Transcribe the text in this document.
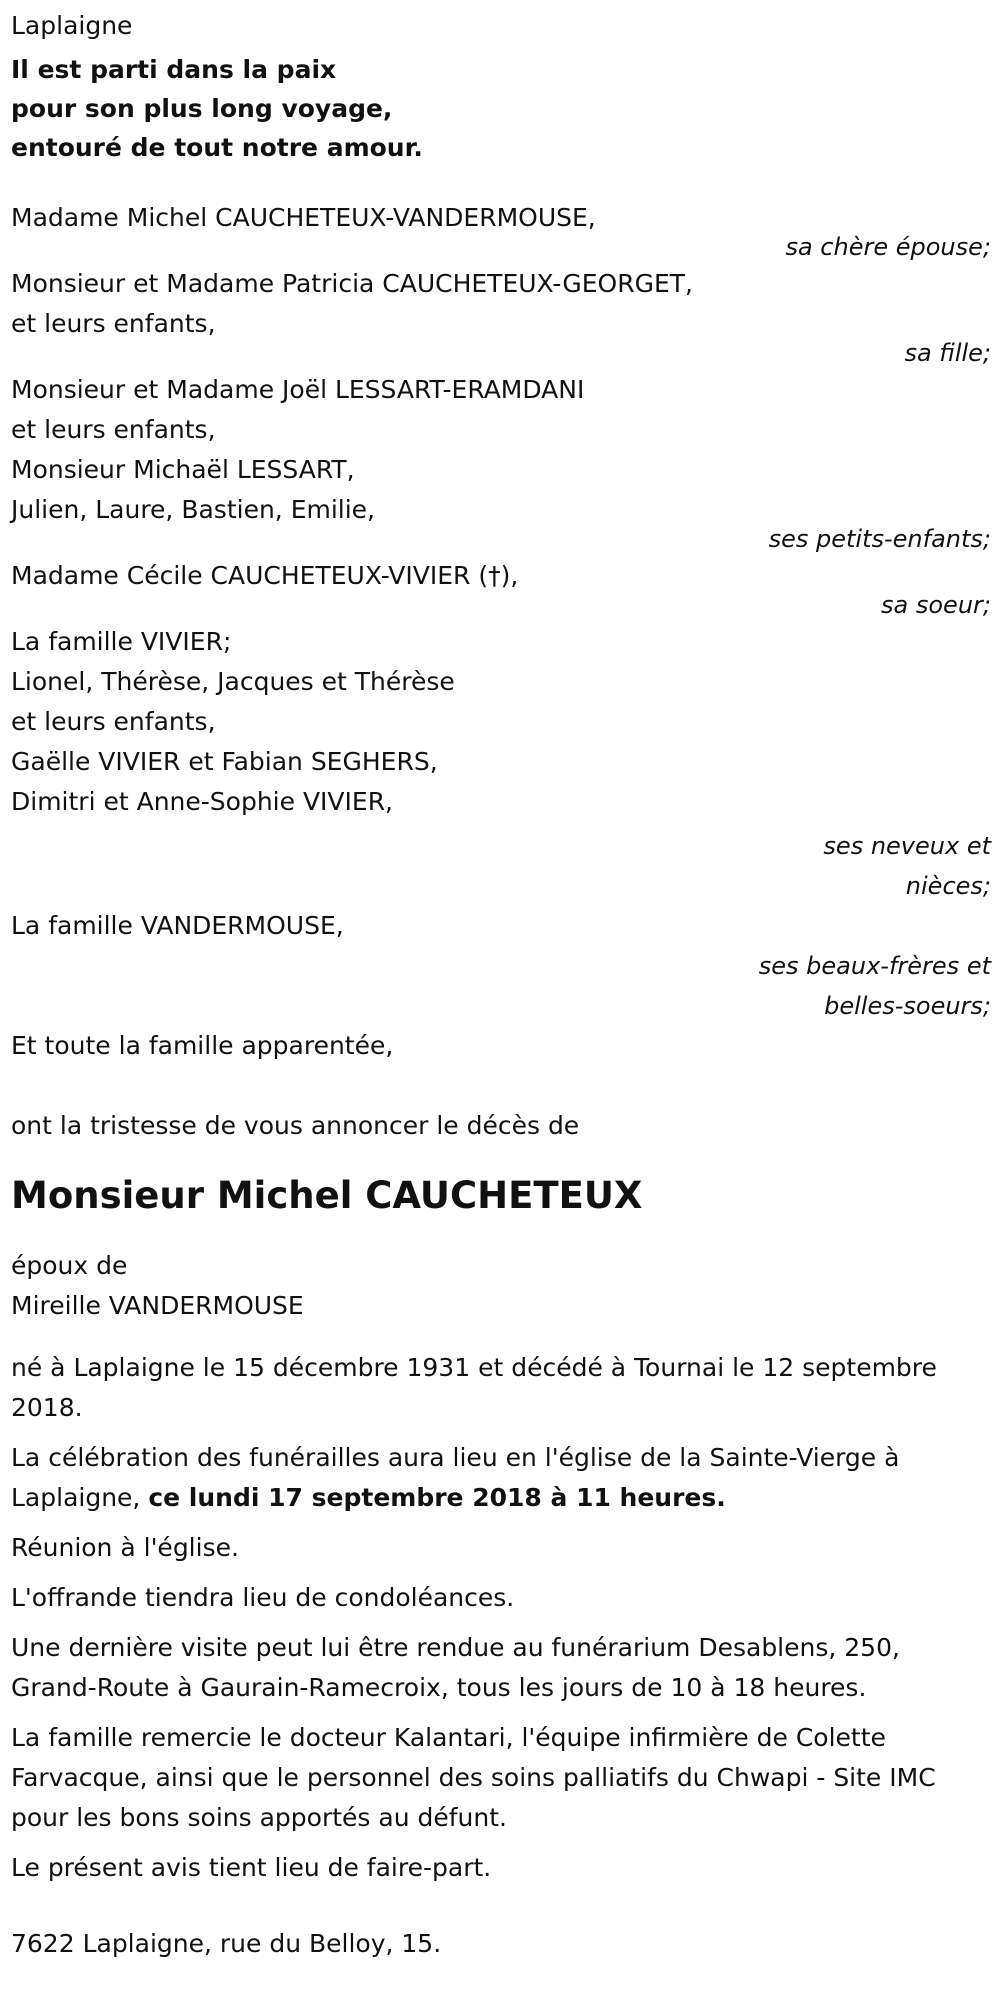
Laplaigne
Il est parti dans la paix
pour son plus long voyage,
entouré de tout notre amour.
Madame Michel CAUCHETEUX-VANDERMOUSE,
sa chère épouse;
Monsieur et Madame Patricia CAUCHETEUX-GEORGET,
et leurs enfants,
sa fille;
Monsieur et Madame Joël LESSART-ERAMDANI
et leurs enfants,
Monsieur Michaël LESSART,
Julien, Laure, Bastien, Emilie,
ses petits-enfants;
Madame Cécile CAUCHETEUX-VIVIER (†),
sa soeur;
La famille VIVIER;
Lionel, Thérèse, Jacques et Thérèse
et leurs enfants,
Gaëlle VIVIER et Fabian SEGHERS,
Dimitri et Anne-Sophie VIVIER,
ses neveux et
nièces;
La famille VANDERMOUSE,
ses beaux-frères et
belles-soeurs;
Et toute la famille apparentée,
ont la tristesse de vous annoncer le décès de
Monsieur Michel CAUCHETEUX
époux de
Mireille VANDERMOUSE
né à Laplaigne le 15 décembre 1931 et décédé à Tournai le 12 septembre 2018.
La célébration des funérailles aura lieu en l'église de la Sainte-Vierge à Laplaigne, ce lundi 17 septembre 2018 à 11 heures.
Réunion à l'église.
L'offrande tiendra lieu de condoléances.
Une dernière visite peut lui être rendue au funérarium Desablens, 250, Grand-Route à Gaurain-Ramecroix, tous les jours de 10 à 18 heures.
La famille remercie le docteur Kalantari, l'équipe infirmière de Colette Farvacque, ainsi que le personnel des soins palliatifs du Chwapi - Site IMC pour les bons soins apportés au défunt.
Le présent avis tient lieu de faire-part.
7622 Laplaigne, rue du Belloy, 15.
